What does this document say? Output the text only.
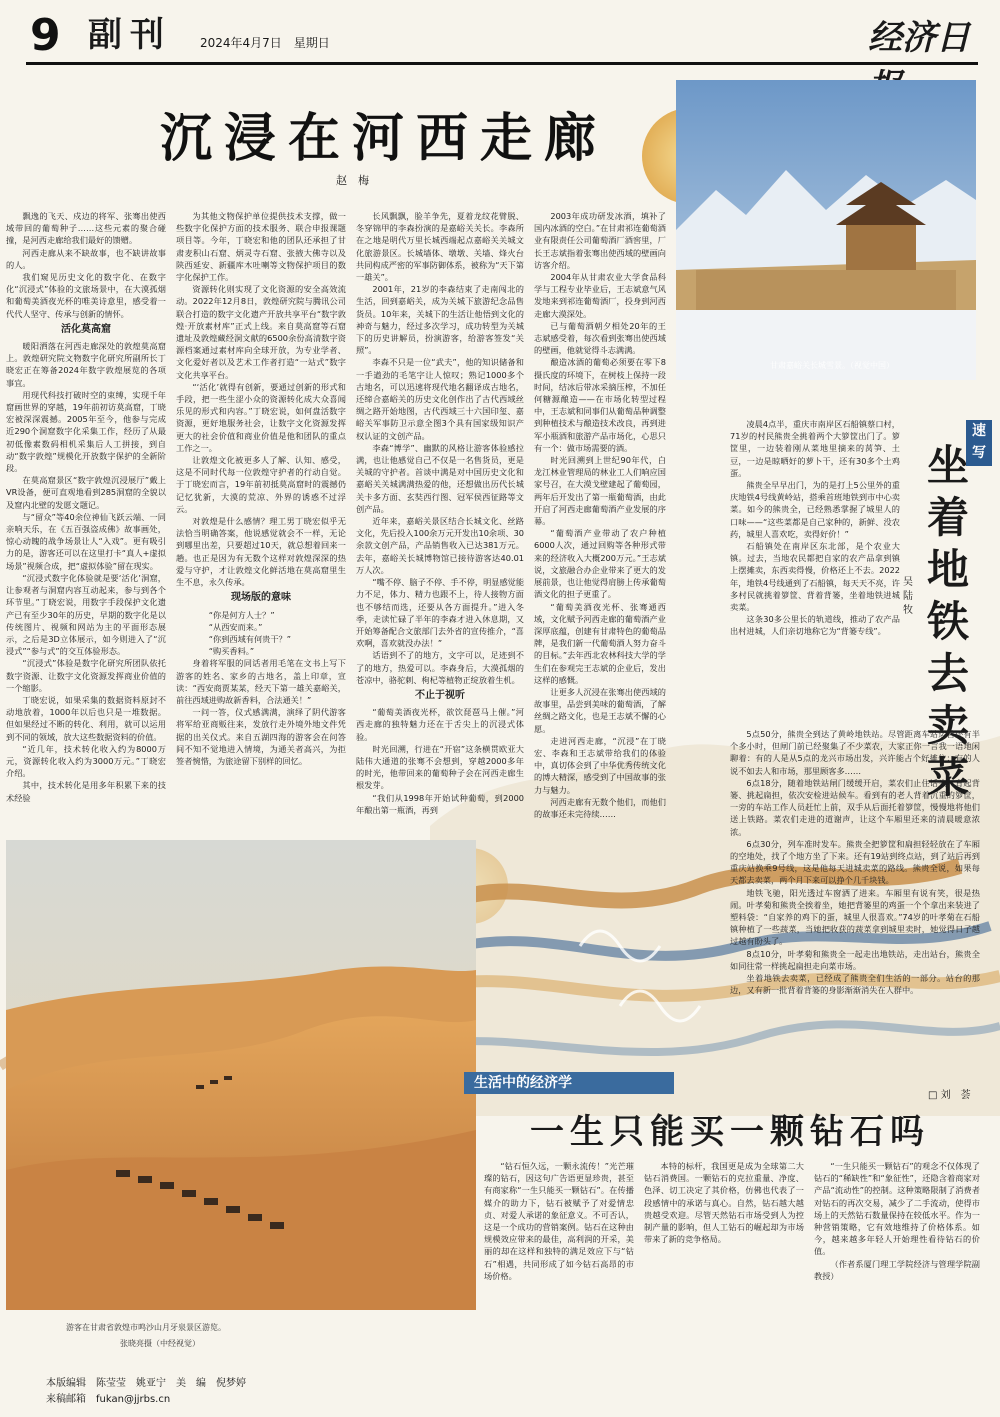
9 副刊 2024年4月7日　星期日	经济日
沉浸在河西走廊
赵　梅

飘逸的飞天、戍边的将军、张骞出使西域带回的葡萄种子……这些元素的聚合碰撞，是河西走廊给我们最好的馈赠。

河西走廊从来不缺故事，也不缺讲故事的人。

我们窥见历史文化的数字化、在数字化“沉浸式”体验的文旅场景中，在大漠孤烟和葡萄美酒夜光杯的唯美诗意里，感受着一代代人坚守、传承与创新的情怀。

活化莫高窟

暖阳洒落在河西走廊深处的敦煌莫高窟上。敦煌研究院文物数字化研究所副所长丁晓宏正在筹备2024年数字敦煌展览的各项事宜。

用现代科技打破时空的束缚，实现千年窟画世界的穿越，19年前初访莫高窟，丁晓宏被深深震撼。2005年至今，他参与完成近290个洞窟数字化采集工作，经历了从最初低像素数码相机采集后人工拼接，到自动“数字敦煌”规模化开放数字保护的全新阶段。

在莫高窟景区“数字敦煌沉浸展厅”戴上VR设备，便可直观地看到285洞窟的全貌以及窟内北壁的发愿文题记。

与“留众”等40余位神仙飞跃云端、一同亲响天乐，在《五百强盗成佛》故事画处，惊心动魄的战争场景让人“入戏”。更有吸引力的是，游客还可以在这里打卡“真人+虚拟场景”视频合成，把“虚拟体验”留在现实。

“沉浸式数字化体验就是要‘活化’洞窟，让参观者与洞窟内容互动起来，参与到各个环节里。”丁晓宏说，用数字手段保护文化遗产已有至少30年的历史，早期的数字化是以传统图片、视频和网站为主的平面形态展示，之后是3D立体展示，如今则进入了“沉浸式”“参与式”的交互体验形态。

“沉浸式”体验是数字化研究所团队依托数字资源、让数字文化资源发挥商业价值的一个缩影。

丁晓宏说，如果采集的数据资料原封不动地放着，1000年以后也只是一堆数据。但如果经过不断的转化、利用，就可以运用到不同的领域，放大这些数据资料的价值。

“近几年，技术转化收入约为8000万元，资源转化收入约为3000万元。”丁晓宏介绍。

其中，技术转化是用多年积累下来的技术经验

为其他文物保护单位提供技术支撑，做一些数字化保护方面的技术服务、联合申报课题项目等。今年，丁晓宏和他的团队还承担了甘肃麦积山石窟、炳灵寺石窟、张掖大佛寺以及陕西延安、新疆库木吐喇等文物保护项目的数字化保护工作。

资源转化则实现了文化资源的安全高效流动。2022年12月8日，敦煌研究院与腾讯公司联合打造的数字文化遗产开放共享平台“数字敦煌·开放素材库”正式上线。来自莫高窟等石窟遗址及敦煌藏经洞文献的6500余份高清数字资源档案通过素材库向全球开放，为专业学者、文化爱好者以及艺术工作者打造“一站式”数字文化共享平台。

“‘活化’就得有创新，要通过创新的形式和手段，把一些生涩小众的资源转化成大众喜闻乐见的形式和内容。”丁晓宏说，如何盘活数字资源，更好地服务社会，让数字文化资源发挥更大的社会价值和商业价值是他和团队的重点工作之一。

让敦煌文化被更多人了解、认知、感受，这是不同时代每一位敦煌守护者的行动自觉。于丁晓宏而言，19年前初抵莫高窟时的震撼仍记忆犹新，大漠的荒凉、外界的诱惑不过浮云。

对敦煌是什么感情？理工男丁晓宏似乎无法恰当明确答案，他说感觉就会不一样，无论到哪里出差，只要超过10天，就总想着回来一趟。也正是因为有无数个这样对敦煌深深的热爱与守护，才让敦煌文化鲜活地在莫高窟里生生不息，永久传承。

现场版的意味

“你是何方人士？”

“从西安而来。”

“你到西域有何贵干？”

“购买香料。”

身着将军服的同话者用毛笔在文书上写下游客的姓名、家乡的古地名，盖上印章，宣读：“西安商贾某某，经天下第一雄关嘉峪关，前往西域进购故新香料，合法通关！”

一问一答，仪式感满满，演绎了阴代游客将军给亚商贩往来，发放行走外境外地文件凭据的出关仪式。来自五湖四海的游客会在问答间不知不觉地进入情境，为通关者高兴，为拒签者惋惜，为旅途留下别样的回忆。

长风飘飘，脸羊争先，夏着龙纹花臂脱、冬穿锦甲的李森扮演的是嘉峪关关长。李森所在之地是明代万里长城西端起点嘉峪关关城文化旅游景区。长城墙体、墩墩、关墙、烽火台共同构成严密的军事防御体系，被称为“天下第一雄关”。

2001年，21岁的李森结束了走南闯北的生活，回到嘉峪关，成为关城下旅游纪念品售货员。10年来，关城下的生活让他悟到文化的神奇与魅力，经过多次学习，成功转型为关城下的历史讲解员，扮演游客，给游客签发“关照”。

李森不只是一位“武夫”，他的知识储备和一手遒劲的毛笔字让人惊叹；熟记1000多个古地名，可以迅速将现代地名翻译成古地名，还缔合嘉峪关的历史文化创作出了古代西域丝绸之路开始地图，古代西域三十六国印玺、嘉峪关军事防卫示意全图3个具有国家级知识产权认证的文创产品。

李森“博学”、幽默的风格让游客体验感拉满，也让他感觉自己不仅是一名售货员，更是关城的守护者。首谈中满是对中国历史文化和嘉峪关关城满满热爱的他，还想做出历代长城关卡多方面、玄奘西行图、冠军侯西征路等文创产品。

近年来，嘉峪关景区结合长城文化、丝路文化，先后投入100余万元开发出10余项、30余款文创产品，产品销售收入已达381万元。去年，嘉峪关长城博物馆已接待游客达40.01万人次。

“嘴不停、脑子不停、手不停，明显感觉能力不足，体力、精力也跟不上，待人接物方面也不够结而选，还要从各方面提升。”进入冬季，走读忙碌了半年的李森才进入休息期，又开始筹备配合文旅部门去外省的宣传推介，“喜欢啊，喜欢就没办法！”

话语到不了的地方，文字可以，足迹到不了的地方，热爱可以。李森身后，大漠孤烟的苍凉中，骆驼刺、枸杞等植物正绽放着生机。

不止于视听

“葡萄美酒夜光杯，欲饮琵琶马上催。”河西走廊的独特魅力还在于舌尖上的沉浸式体验。

时光回溯，行进在“开宿”这条横贯欧亚大陆伟大通道的张骞不会想到，穿越2000多年的时光，他带回来的葡萄种子会在河西走廊生根发芽。

“我们从1998年开始试种葡萄，到2000年酿出第一瓶酒，再到

2003年成功研发冰酒，填补了国内冰酒的空白。”在甘肃祁连葡萄酒业有限责任公司葡萄酒厂酒窖里，厂长王志斌指着张骞出使西域的壁画向访客介绍。

2004年从甘肃农业大学食品科学与工程专业毕业后，王志斌意气风发地来到祁连葡萄酒厂，投身到河西走廊大漠深处。

已与葡萄酒朝夕相处20年的王志斌感受着，每次看到张骞出使西域的壁画，他就觉得斗志满满。

酿造冰酒的葡萄必须要在零下8摄氏度的环境下，在树枝上保持一段时间，结冰后带冰采摘压榨，不加任何糖源酿造——在市场化转型过程中，王志斌和同事们从葡萄品种调整到种植技术与酿造技术改良，再到进军小瓶酒和旅游产品市场化，心思只有一个：做市场需要的酒。

时光回溯到上世纪90年代，白龙江林业管理局的林业工人们响应国家号召，在大漠戈壁建起了葡萄园，两年后开发出了第一瓶葡萄酒，由此开启了河西走廊葡萄酒产业发展的序幕。

“葡萄酒产业带动了农户种植6000人次，通过回购等各种形式带来的经济收入大概200万元。”王志斌说，文旅融合办企业带来了更大的发展前景，也让他觉得肩膀上传承葡萄酒文化的担子更重了。

“葡萄美酒夜光杯、张骞通西域，文化赋予河西走廊的葡萄酒产业深厚底蕴，创建有甘肃特色的葡萄品牌，是我们新一代葡萄酒人努力奋斗的目标。”去年西北农林科技大学的学生们在参观完王志斌的企业后，发出这样的感慨。

让更多人沉浸在张骞出使西域的故事里，品尝到美味的葡萄酒，了解丝绸之路文化，也是王志斌不懈的心愿。

走进河西走廊，“沉浸”在丁晓宏、李森和王志斌带给我们的体验中，真切体会到了中华优秀传统文化的博大精深，感受到了中国故事的张力与魅力。

河西走廊有无数个他们，而他们的故事还未完待续……

游客在甘肃省敦煌市鸣沙山月牙泉景区游览。
张晓亮摄（中经视觉）
甘肃嘉峪关长城雪景。（视觉中国）
速写
坐着地铁去卖菜
吴陆牧

凌晨4点半，重庆市南岸区石船镇蔡口村，71岁的村民熊贵全挑着两个大箩筐出门了。箩筐里，一边装着刚从菜地里摘来的莴笋、土豆，一边是晾晒好的萝卜干，还有30多个土鸡蛋。

熊贵全早早出门，为的是打上5公里外的重庆地铁4号线黄岭站，搭乘首班地铁到市中心卖菜。如今的熊贵全，已经熟悉掌握了城里人的口味——“这些菜都是自己家种的，新鲜、没农药，城里人喜欢吃，卖得好价！”

石船镇处在南岸区东北部，是个农业大镇。过去，当地农民都把自家的农产品拿到镇上摆摊卖，东西卖得慢，价格还上不去。2022年，地铁4号线通到了石船镇，每天天不亮，许多村民就挑着箩筐、背着背篓，坐着地铁进城卖菜。

这条30多公里长的轨道线，推动了农产品出村进城，人们亲切地称它为“背篓专线”。

5点50分，熊贵全到达了黄岭地铁站。尽管距离车站运营还有半个多小时，但闸门前已经聚集了不少菜农，大家正你一言我一语地闲聊着：有的人是从5点的龙兴市场出发，兴许能占个好摊位；有的人说不如去人和市场，那里顾客多……

6点18分，随着地铁站闸门缓缓开启，菜农们止住话头，背起背篓、挑起扁担，依次安检进站候车。看到有的老人背着沉重的箩筐，一旁的车站工作人员赶忙上前，双手从后面托着箩筐，慢慢地将他们送上铁路。菜农们走进的道谢声，让这个车厢里还来的清晨暖意浓浓。

6点30分，列车准时发车。熊贵全把箩筐和扁担轻轻放在了车厢的空地处，找了个地方坐了下来。还有19站到终点站，到了站后再到重庆站换乘9号线，这是他每天进城卖菜的路线。熊贵全说，如果每天都去卖菜，两个月下来可以挣个几千块钱。

地铁飞驰，阳光透过车窗洒了进来。车厢里有说有笑，很是热闹。叶孝菊和熊贵全挨着坐，她把背篓里的鸡蛋一个个拿出来装进了塑料袋：“自家养的鸡下的蛋，城里人很喜欢。”74岁的叶孝菊在石船镇种植了一些蔬菜，当她把收获的蔬菜拿到城里卖时，她觉得日子越过越有盼头了。

8点10分，叶孝菊和熊贵全一起走出地铁站，走出站台，熊贵全如同往常一样挑起扁担走向菜市场。

坐着地铁去卖菜，已经成了熊贵全们生活的一部分。站台的那边，又有新一批背着背篓的身影渐渐消失在人群中。

生活中的经济学
□ 刘　荟
一生只能买一颗钻石吗

“钻石恒久远，一颗永流传！”光芒璀璨的钻石，因这句广告语更显珍贵，甚至有商家称“一生只能买一颗钻石”。在传播媒介的助力下，钻石被赋予了对爱情忠贞、对爱人承诺的象征意义。不可否认，这是一个成功的营销案例。钻石在这种由规模效应带来的最佳，高利润的开采，美丽的却在这样和独特的满足效应下与“钻石”相遇，共同形成了如今钻石高昂的市场价格。

本特的标杆，我国更是成为全球第二大钻石消费国。一颗钻石的克拉重量、净度、色泽、切工决定了其价格，仿佛也代表了一段感情中的承诺与真心。自然，钻石越大越贵越受欢迎。尽管天然钻石市场受到人为控制产量的影响，但人工钻石的崛起却为市场带来了新的竞争格局。

“一生只能买一颗钻石”的观念不仅体现了钻石的“稀缺性”和“象征性”，还隐含着商家对产品“流动性”的控制。这种策略限制了消费者对钻石的再次交易，减少了二手流动，使得市场上的天然钻石数量保持在较低水平。作为一种营销策略，它有效地维持了价格体系。如今，越来越多年轻人开始理性看待钻石的价值。

（作者系厦门理工学院经济与管理学院副教授）

本版编辑　陈莹莹　姚亚宁　美　编　倪梦婷
来稿邮箱　fukan@jjrbs.cn
